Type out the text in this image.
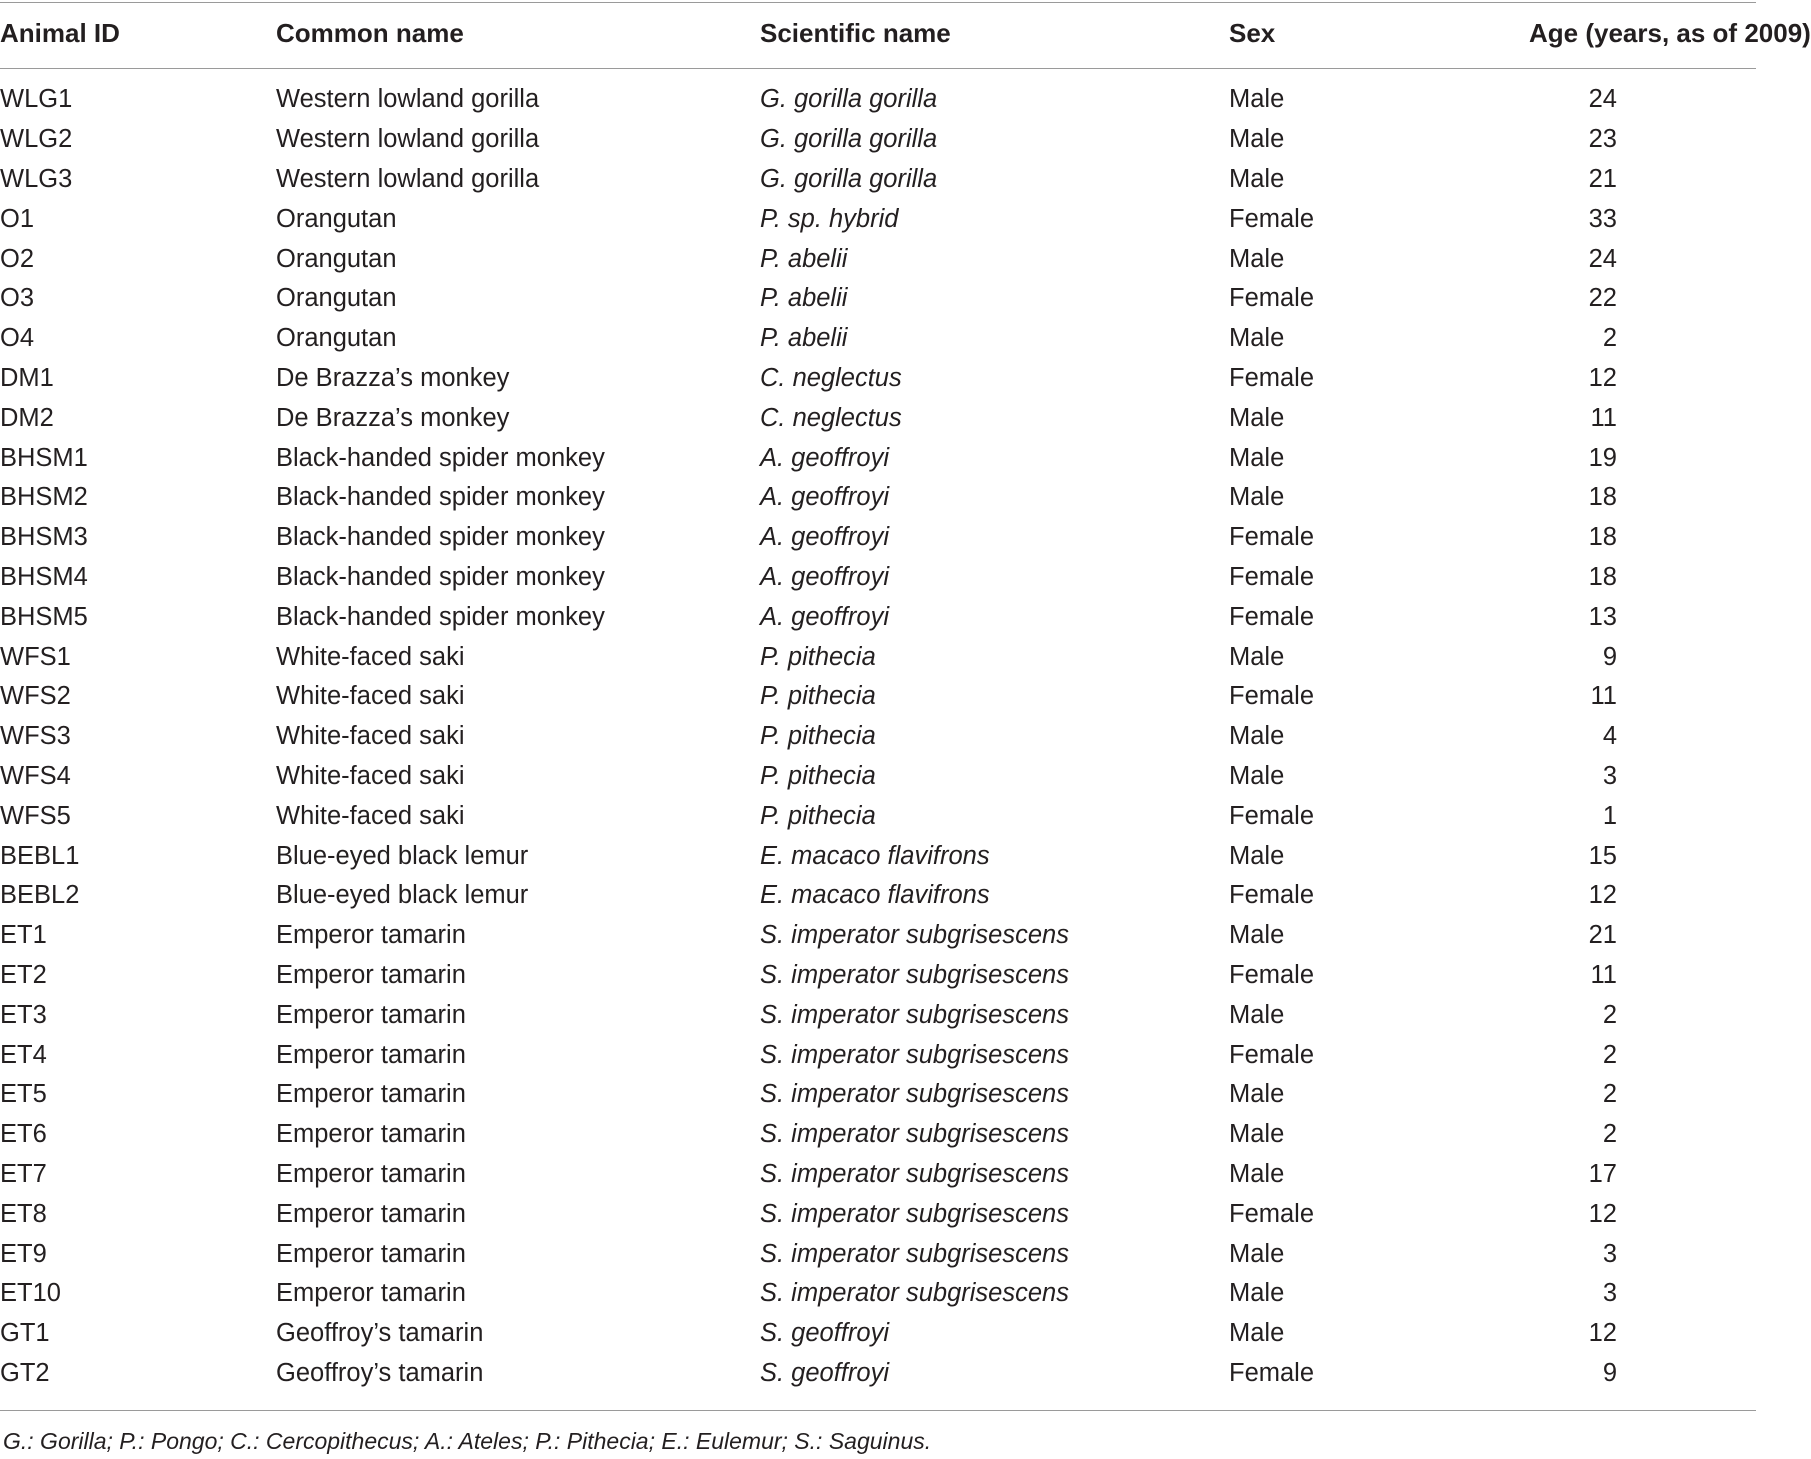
Animal ID	Common name	Scientific name	Sex	Age (years, as of 2009)
WLG1	Western lowland gorilla	G. gorilla gorilla	Male	24
WLG2	Western lowland gorilla	G. gorilla gorilla	Male	23
WLG3	Western lowland gorilla	G. gorilla gorilla	Male	21
O1	Orangutan	P. sp. hybrid	Female	33
O2	Orangutan	P. abelii	Male	24
O3	Orangutan	P. abelii	Female	22
O4	Orangutan	P. abelii	Male	2
DM1	De Brazza’s monkey	C. neglectus	Female	12
DM2	De Brazza’s monkey	C. neglectus	Male	11
BHSM1	Black-handed spider monkey	A. geoffroyi	Male	19
BHSM2	Black-handed spider monkey	A. geoffroyi	Male	18
BHSM3	Black-handed spider monkey	A. geoffroyi	Female	18
BHSM4	Black-handed spider monkey	A. geoffroyi	Female	18
BHSM5	Black-handed spider monkey	A. geoffroyi	Female	13
WFS1	White-faced saki	P. pithecia	Male	9
WFS2	White-faced saki	P. pithecia	Female	11
WFS3	White-faced saki	P. pithecia	Male	4
WFS4	White-faced saki	P. pithecia	Male	3
WFS5	White-faced saki	P. pithecia	Female	1
BEBL1	Blue-eyed black lemur	E. macaco flavifrons	Male	15
BEBL2	Blue-eyed black lemur	E. macaco flavifrons	Female	12
ET1	Emperor tamarin	S. imperator subgrisescens	Male	21
ET2	Emperor tamarin	S. imperator subgrisescens	Female	11
ET3	Emperor tamarin	S. imperator subgrisescens	Male	2
ET4	Emperor tamarin	S. imperator subgrisescens	Female	2
ET5	Emperor tamarin	S. imperator subgrisescens	Male	2
ET6	Emperor tamarin	S. imperator subgrisescens	Male	2
ET7	Emperor tamarin	S. imperator subgrisescens	Male	17
ET8	Emperor tamarin	S. imperator subgrisescens	Female	12
ET9	Emperor tamarin	S. imperator subgrisescens	Male	3
ET10	Emperor tamarin	S. imperator subgrisescens	Male	3
GT1	Geoffroy’s tamarin	S. geoffroyi	Male	12
GT2	Geoffroy’s tamarin	S. geoffroyi	Female	9
G.: Gorilla; P.: Pongo; C.: Cercopithecus; A.: Ateles; P.: Pithecia; E.: Eulemur; S.: Saguinus.
